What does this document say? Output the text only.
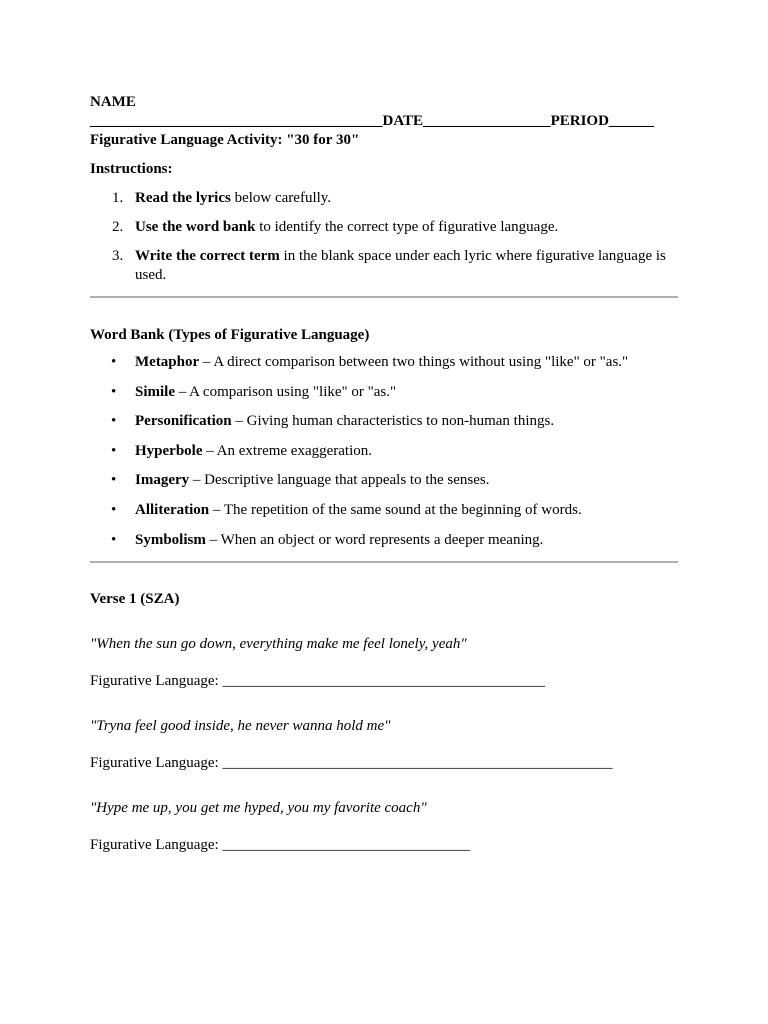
NAME

_______________________________________DATE_________________PERIOD______

Figurative Language Activity: "30 for 30"

Instructions:

1. Read the lyrics below carefully.
2. Use the word bank to identify the correct type of figurative language.
3. Write the correct term in the blank space under each lyric where figurative language is used.

Word Bank (Types of Figurative Language)

• Metaphor – A direct comparison between two things without using "like" or "as."
• Simile – A comparison using "like" or "as."
• Personification – Giving human characteristics to non-human things.
• Hyperbole – An extreme exaggeration.
• Imagery – Descriptive language that appeals to the senses.
• Alliteration – The repetition of the same sound at the beginning of words.
• Symbolism – When an object or word represents a deeper meaning.

Verse 1 (SZA)

"When the sun go down, everything make me feel lonely, yeah"

Figurative Language: ___________________________________________

"Tryna feel good inside, he never wanna hold me"

Figurative Language: ____________________________________________________

"Hype me up, you get me hyped, you my favorite coach"

Figurative Language: _________________________________
